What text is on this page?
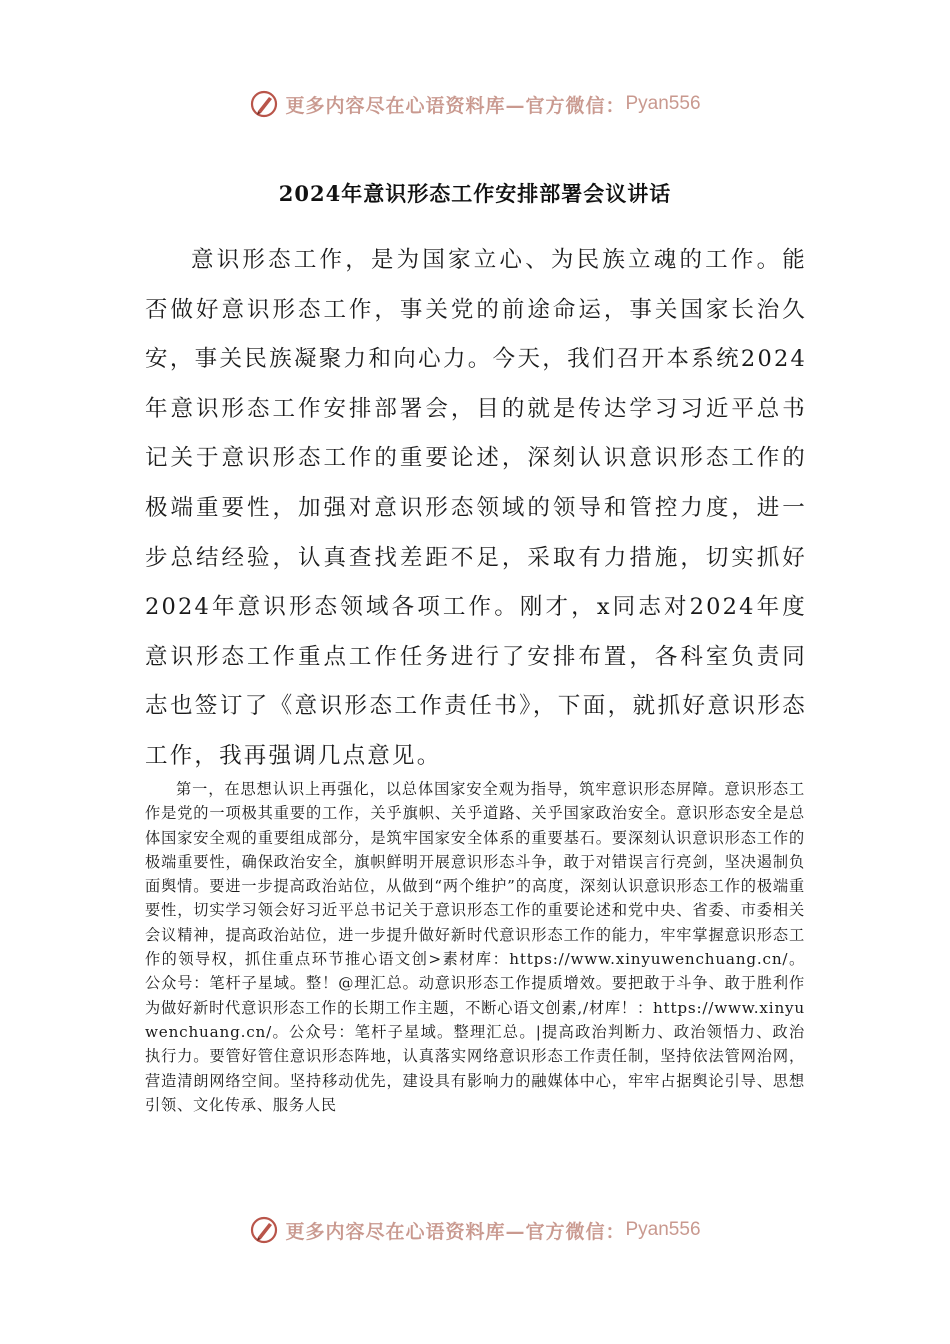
更多内容尽在心语资料库—官方微信： Pyan556
2024年意识形态工作安排部署会议讲话

意识形态工作，是为国家立心、为民族立魂的工作。能否做好意识形态工作，事关党的前途命运，事关国家长治久安，事关民族凝聚力和向心力。今天，我们召开本系统2024年意识形态工作安排部署会，目的就是传达学习习近平总书记关于意识形态工作的重要论述，深刻认识意识形态工作的极端重要性，加强对意识形态领域的领导和管控力度，进一步总结经验，认真查找差距不足，采取有力措施，切实抓好2024年意识形态领域各项工作。刚才，x同志对2024年度意识形态工作重点工作任务进行了安排布置，各科室负责同志也签订了《意识形态工作责任书》，下面，就抓好意识形态工作，我再强调几点意见。

第一，在思想认识上再强化，以总体国家安全观为指导，筑牢意识形态屏障。意识形态工作是党的一项极其重要的工作，关乎旗帜、关乎道路、关乎国家政治安全。意识形态安全是总体国家安全观的重要组成部分，是筑牢国家安全体系的重要基石。要深刻认识意识形态工作的极端重要性，确保政治安全，旗帜鲜明开展意识形态斗争，敢于对错误言行亮剑，坚决遏制负面舆情。要进一步提高政治站位，从做到“两个维护”的高度，深刻认识意识形态工作的极端重要性，切实学习领会好习近平总书记关于意识形态工作的重要论述和党中央、省委、市委相关会议精神，提高政治站位，进一步提升做好新时代意识形态工作的能力，牢牢掌握意识形态工作的领导权，抓住重点环节推心语文创>素材库：https://www.xinyuwenchuang.cn/。公众号：笔杆子星域。整！@理汇总。动意识形态工作提质增效。要把敢于斗争、敢于胜利作为做好新时代意识形态工作的长期工作主题，不断心语文创素,/材库！：https://www.xinyuwenchuang.cn/。公众号：笔杆子星域。整理汇总。|提高政治判断力、政治领悟力、政治执行力。要管好管住意识形态阵地，认真落实网络意识形态工作责任制，坚持依法管网治网，营造清朗网络空间。坚持移动优先，建设具有影响力的融媒体中心，牢牢占据舆论引导、思想引领、文化传承、服务人民

更多内容尽在心语资料库—官方微信： Pyan556
